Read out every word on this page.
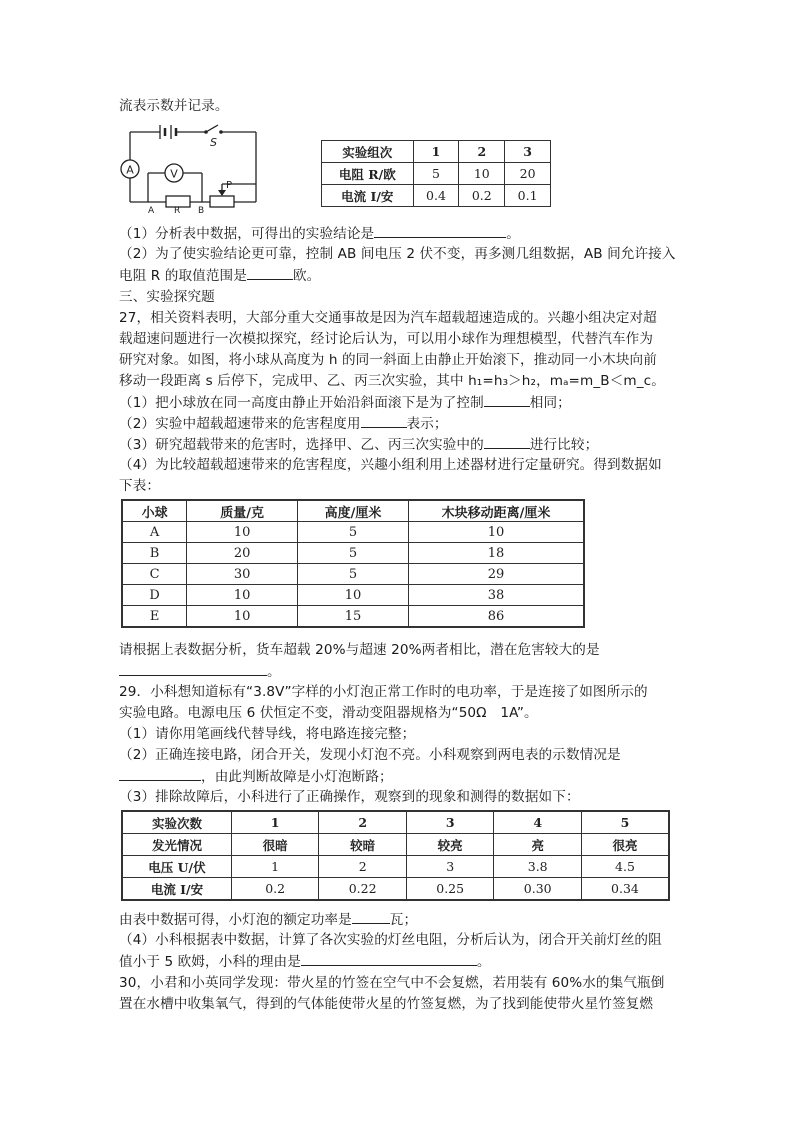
流表示数并记录。
A	V
S
P
A R B
实验组次	1	2	3
电阻 R/欧	5	10	20
电流 I/安	0.4	0.2	0.1
（1）分析表中数据，可得出的实验结论是	。
（2）为了使实验结论更可靠，控制 AB 间电压 2 伏不变，再多测几组数据，AB 间允许接入
电阻 R 的取值范围是	欧。
三、实验探究题
27，相关资料表明，大部分重大交通事故是因为汽车超载超速造成的。兴趣小组决定对超
载超速问题进行一次模拟探究，经讨论后认为，可以用小球作为理想模型，代替汽车作为
研究对象。如图，将小球从高度为 h 的同一斜面上由静止开始滚下，推动同一小木块向前
移动一段距离 s 后停下，完成甲、乙、丙三次实验，其中 h₁=h₃＞h₂，mₐ=m_B＜m_c。
（1）把小球放在同一高度由静止开始沿斜面滚下是为了控制	相同；
（2）实验中超载超速带来的危害程度用	表示；
（3）研究超载带来的危害时，选择甲、乙、丙三次实验中的	进行比较；
（4）为比较超载超速带来的危害程度，兴趣小组利用上述器材进行定量研究。得到数据如
下表：
小球	质量/克	高度/厘米	木块移动距离/厘米
A	10	5	10
B	20	5	18
C	30	5	29
D	10	10	38
E	10	15	86
请根据上表数据分析，货车超载 20%与超速 20%两者相比，潜在危害较大的是
。
29．小科想知道标有“3.8V”字样的小灯泡正常工作时的电功率，于是连接了如图所示的
实验电路。电源电压 6 伏恒定不变，滑动变阻器规格为“50Ω　1A”。
（1）请你用笔画线代替导线，将电路连接完整；
（2）正确连接电路，闭合开关，发现小灯泡不亮。小科观察到两电表的示数情况是
，由此判断故障是小灯泡断路；
（3）排除故障后，小科进行了正确操作，观察到的现象和测得的数据如下：
实验次数	1	2	3	4	5
发光情况	很暗	较暗	较亮	亮	很亮
电压 U/伏	1	2	3	3.8	4.5
电流 I/安	0.2	0.22	0.25	0.30	0.34
由表中数据可得，小灯泡的额定功率是	瓦；
（4）小科根据表中数据，计算了各次实验的灯丝电阻，分析后认为，闭合开关前灯丝的阻
值小于 5 欧姆，小科的理由是	。
30，小君和小英同学发现：带火星的竹签在空气中不会复燃，若用装有 60%水的集气瓶倒
置在水槽中收集氧气，得到的气体能使带火星的竹签复燃，为了找到能使带火星竹签复燃
